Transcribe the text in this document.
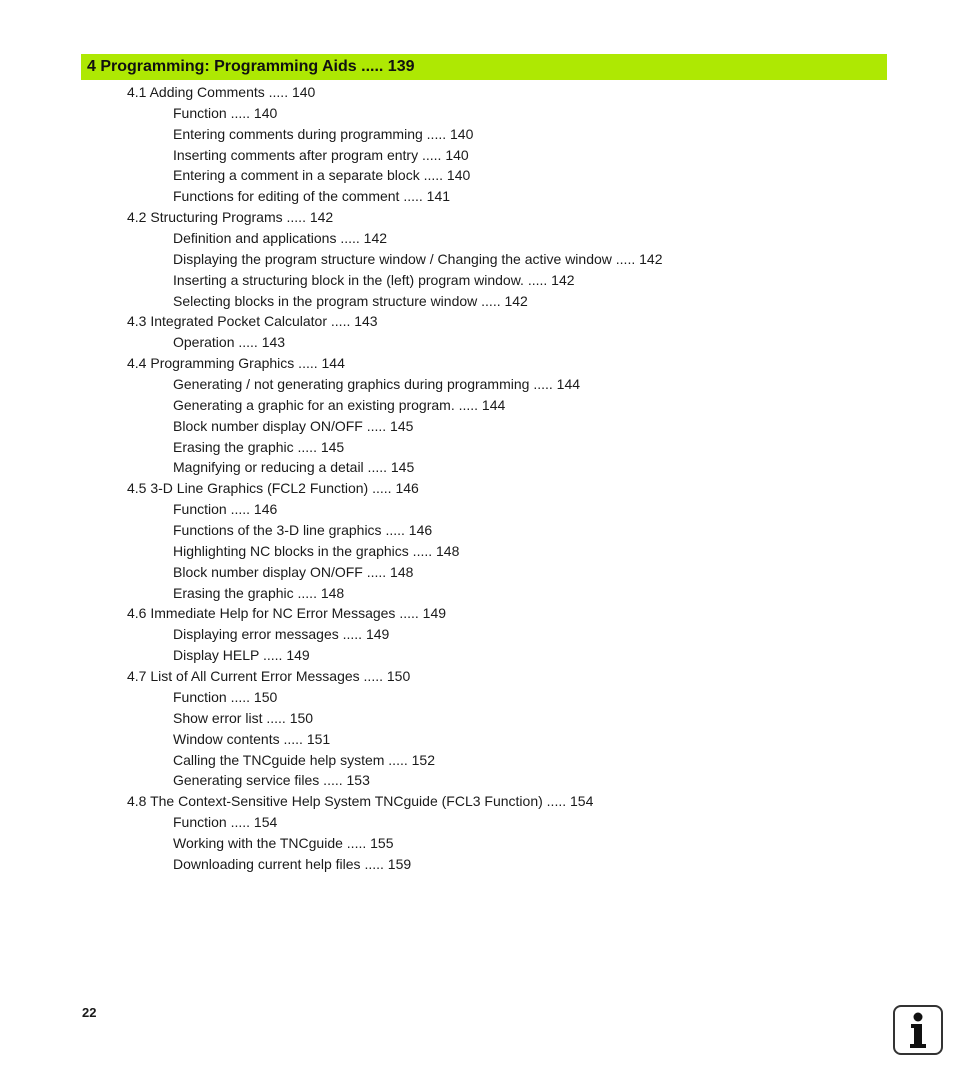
4 Programming: Programming Aids ..... 139
4.1 Adding Comments ..... 140
Function ..... 140
Entering comments during programming ..... 140
Inserting comments after program entry ..... 140
Entering a comment in a separate block ..... 140
Functions for editing of the comment ..... 141
4.2 Structuring Programs ..... 142
Definition and applications ..... 142
Displaying the program structure window / Changing the active window ..... 142
Inserting a structuring block in the (left) program window. ..... 142
Selecting blocks in the program structure window ..... 142
4.3 Integrated Pocket Calculator ..... 143
Operation ..... 143
4.4 Programming Graphics ..... 144
Generating / not generating graphics during programming ..... 144
Generating a graphic for an existing program. ..... 144
Block number display ON/OFF ..... 145
Erasing the graphic ..... 145
Magnifying or reducing a detail ..... 145
4.5 3-D Line Graphics (FCL2 Function) ..... 146
Function ..... 146
Functions of the 3-D line graphics ..... 146
Highlighting NC blocks in the graphics ..... 148
Block number display ON/OFF ..... 148
Erasing the graphic ..... 148
4.6 Immediate Help for NC Error Messages ..... 149
Displaying error messages ..... 149
Display HELP ..... 149
4.7 List of All Current Error Messages ..... 150
Function ..... 150
Show error list ..... 150
Window contents ..... 151
Calling the TNCguide help system ..... 152
Generating service files ..... 153
4.8 The Context-Sensitive Help System TNCguide (FCL3 Function) ..... 154
Function ..... 154
Working with the TNCguide ..... 155
Downloading current help files ..... 159
22
